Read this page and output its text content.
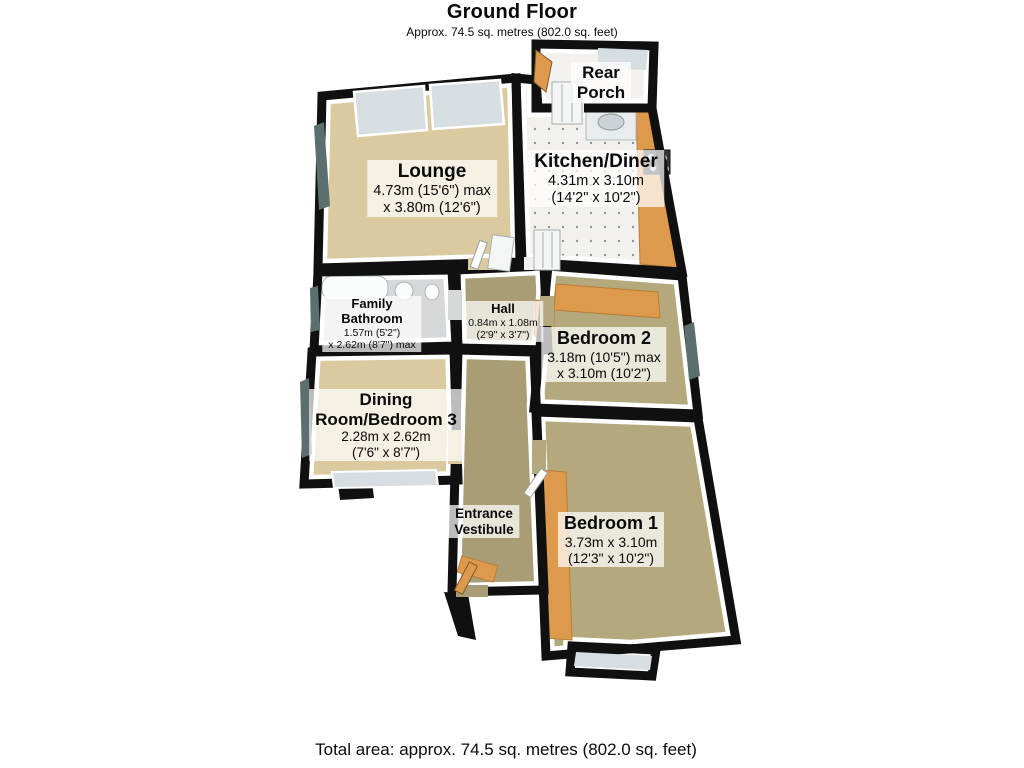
Ground Floor
Approx. 74.5 sq. metres (802.0 sq. feet)
Lounge
4.73m (15'6") max
x 3.80m (12'6")
Kitchen/Diner
4.31m x 3.10m
(14'2" x 10'2")
Rear
Porch
Family
Bathroom
1.57m (5'2")
x 2.62m (8'7") max
Hall
0.84m x 1.08m
(2'9" x 3'7")	Bedroom 2
3.18m (10'5") max
x 3.10m (10'2")
Dining
Room/Bedroom 3
2.28m x 2.62m
(7'6" x 8'7")
Entrance
Vestibule	Bedroom 1
3.73m x 3.10m
(12'3" x 10'2")
Total area: approx. 74.5 sq. metres (802.0 sq. feet)
